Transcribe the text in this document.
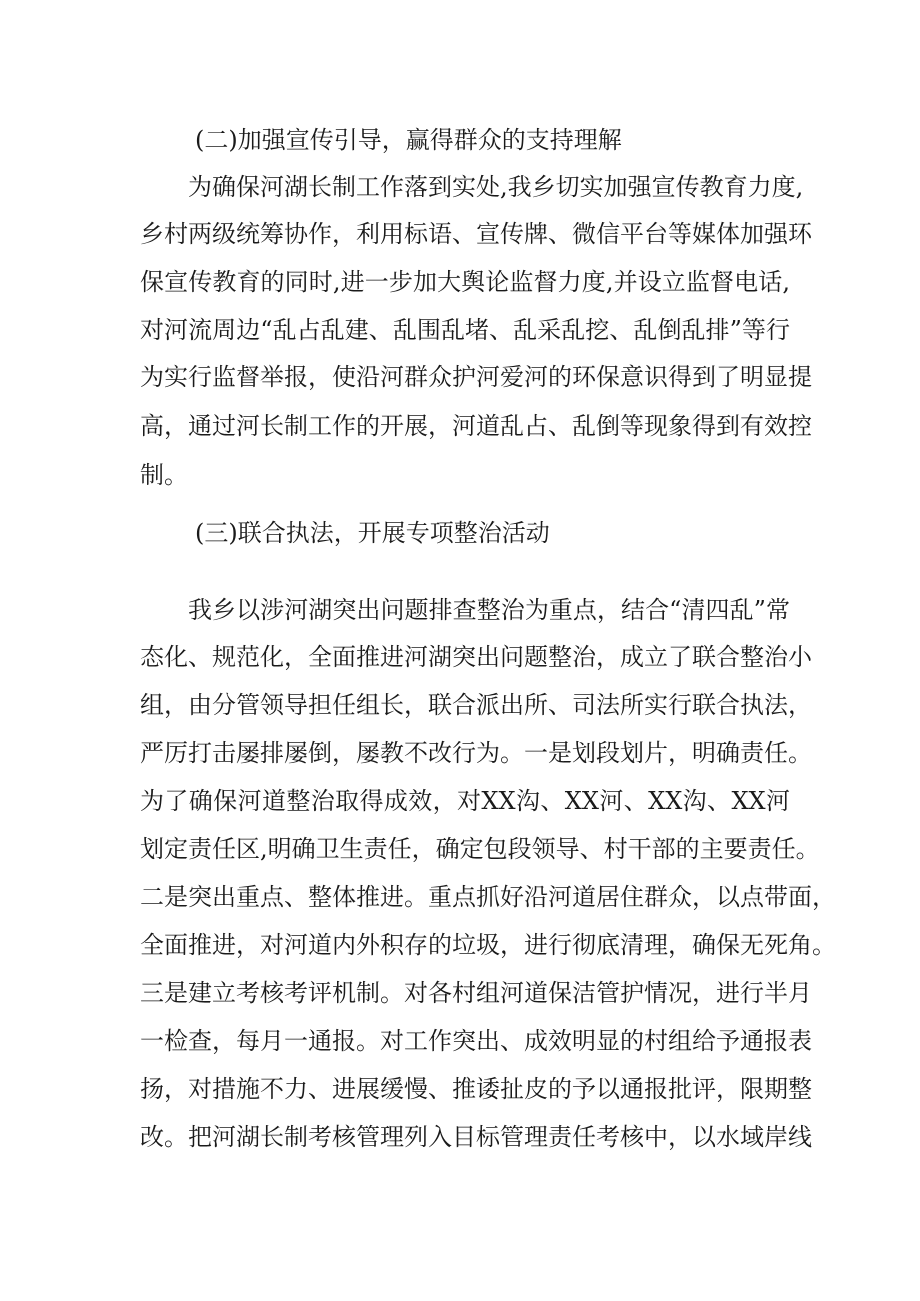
(二)加强宣传引导，赢得群众的支持理解
为确保河湖长制工作落到实处,我乡切实加强宣传教育力度,
乡村两级统筹协作，利用标语、宣传牌、微信平台等媒体加强环
保宣传教育的同时,进一步加大舆论监督力度,并设立监督电话,
对河流周边“乱占乱建、乱围乱堵、乱采乱挖、乱倒乱排”等行
为实行监督举报，使沿河群众护河爱河的环保意识得到了明显提
高，通过河长制工作的开展，河道乱占、乱倒等现象得到有效控
制。
(三)联合执法，开展专项整治活动
我乡以涉河湖突出问题排查整治为重点，结合“清四乱”常
态化、规范化，全面推进河湖突出问题整治，成立了联合整治小
组，由分管领导担任组长，联合派出所、司法所实行联合执法，
严厉打击屡排屡倒，屡教不改行为。一是划段划片，明确责任。
为了确保河道整治取得成效，对XX沟、XX河、XX沟、XX河
划定责任区,明确卫生责任，确定包段领导、村干部的主要责任。
二是突出重点、整体推进。重点抓好沿河道居住群众，以点带面，
全面推进，对河道内外积存的垃圾，进行彻底清理，确保无死角。
三是建立考核考评机制。对各村组河道保洁管护情况，进行半月
一检查，每月一通报。对工作突出、成效明显的村组给予通报表
扬，对措施不力、进展缓慢、推诿扯皮的予以通报批评，限期整
改。把河湖长制考核管理列入目标管理责任考核中，以水域岸线
